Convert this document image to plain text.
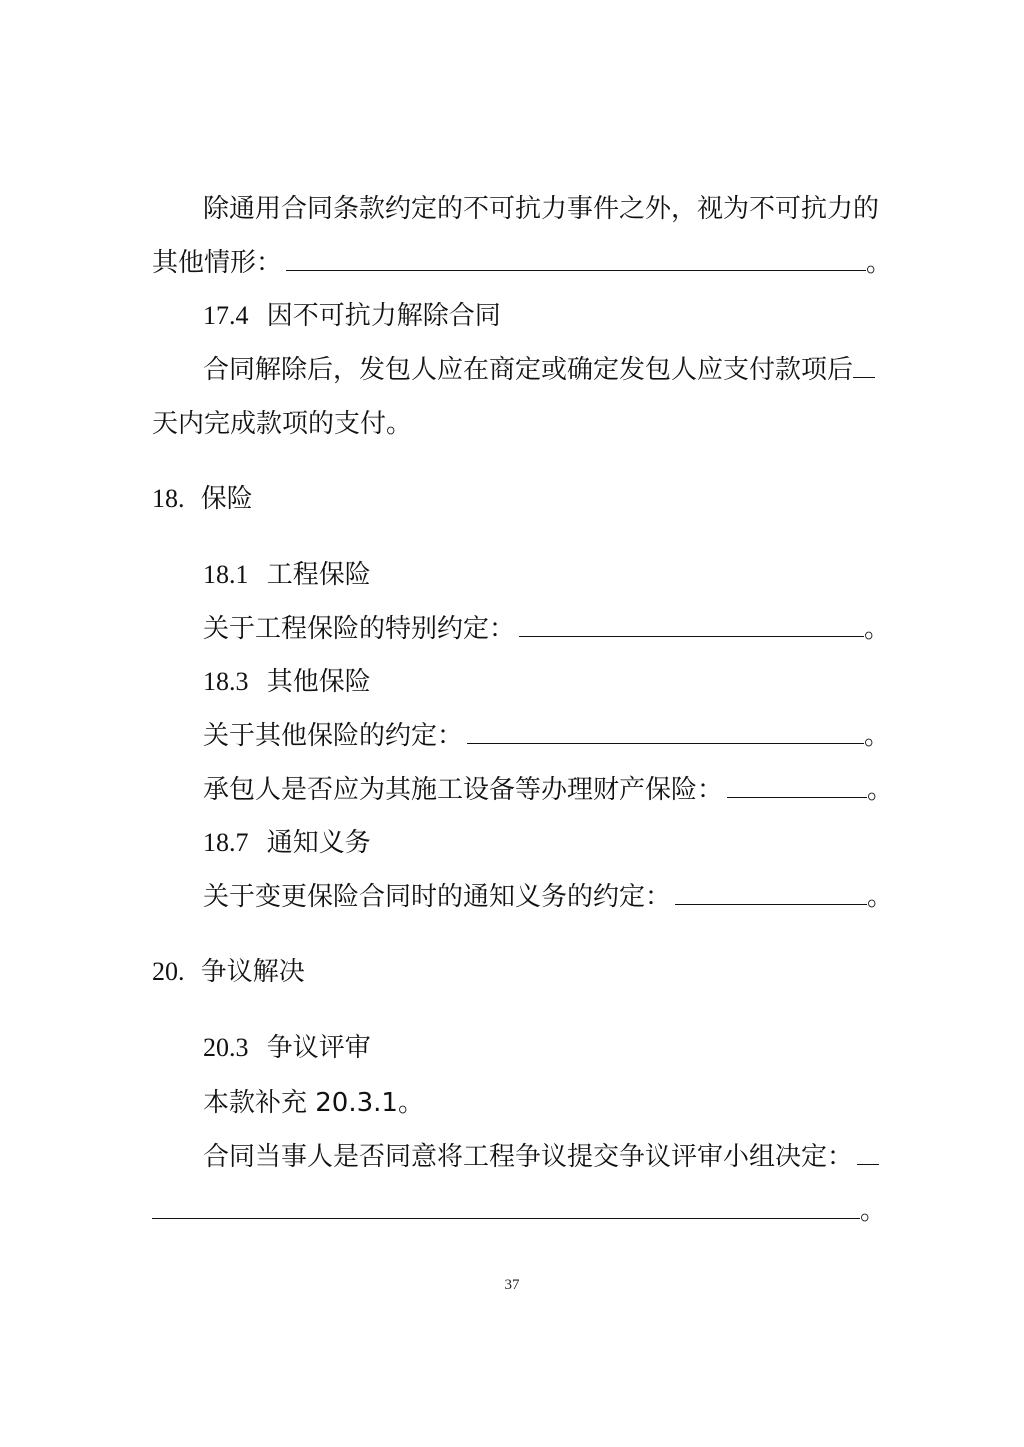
除通用合同条款约定的不可抗力事件之外，视为不可抗力的
其他情形：	。
17.4 因不可抗力解除合同
合同解除后，发包人应在商定或确定发包人应支付款项后
天内完成款项的支付。
18. 保险
18.1 工程保险
关于工程保险的特别约定：	。
18.3 其他保险
关于其他保险的约定：	。
承包人是否应为其施工设备等办理财产保险：	。
18.7 通知义务
关于变更保险合同时的通知义务的约定：	。
20. 争议解决
20.3 争议评审
本款补充 20.3.1。
合同当事人是否同意将工程争议提交争议评审小组决定：
。
37
